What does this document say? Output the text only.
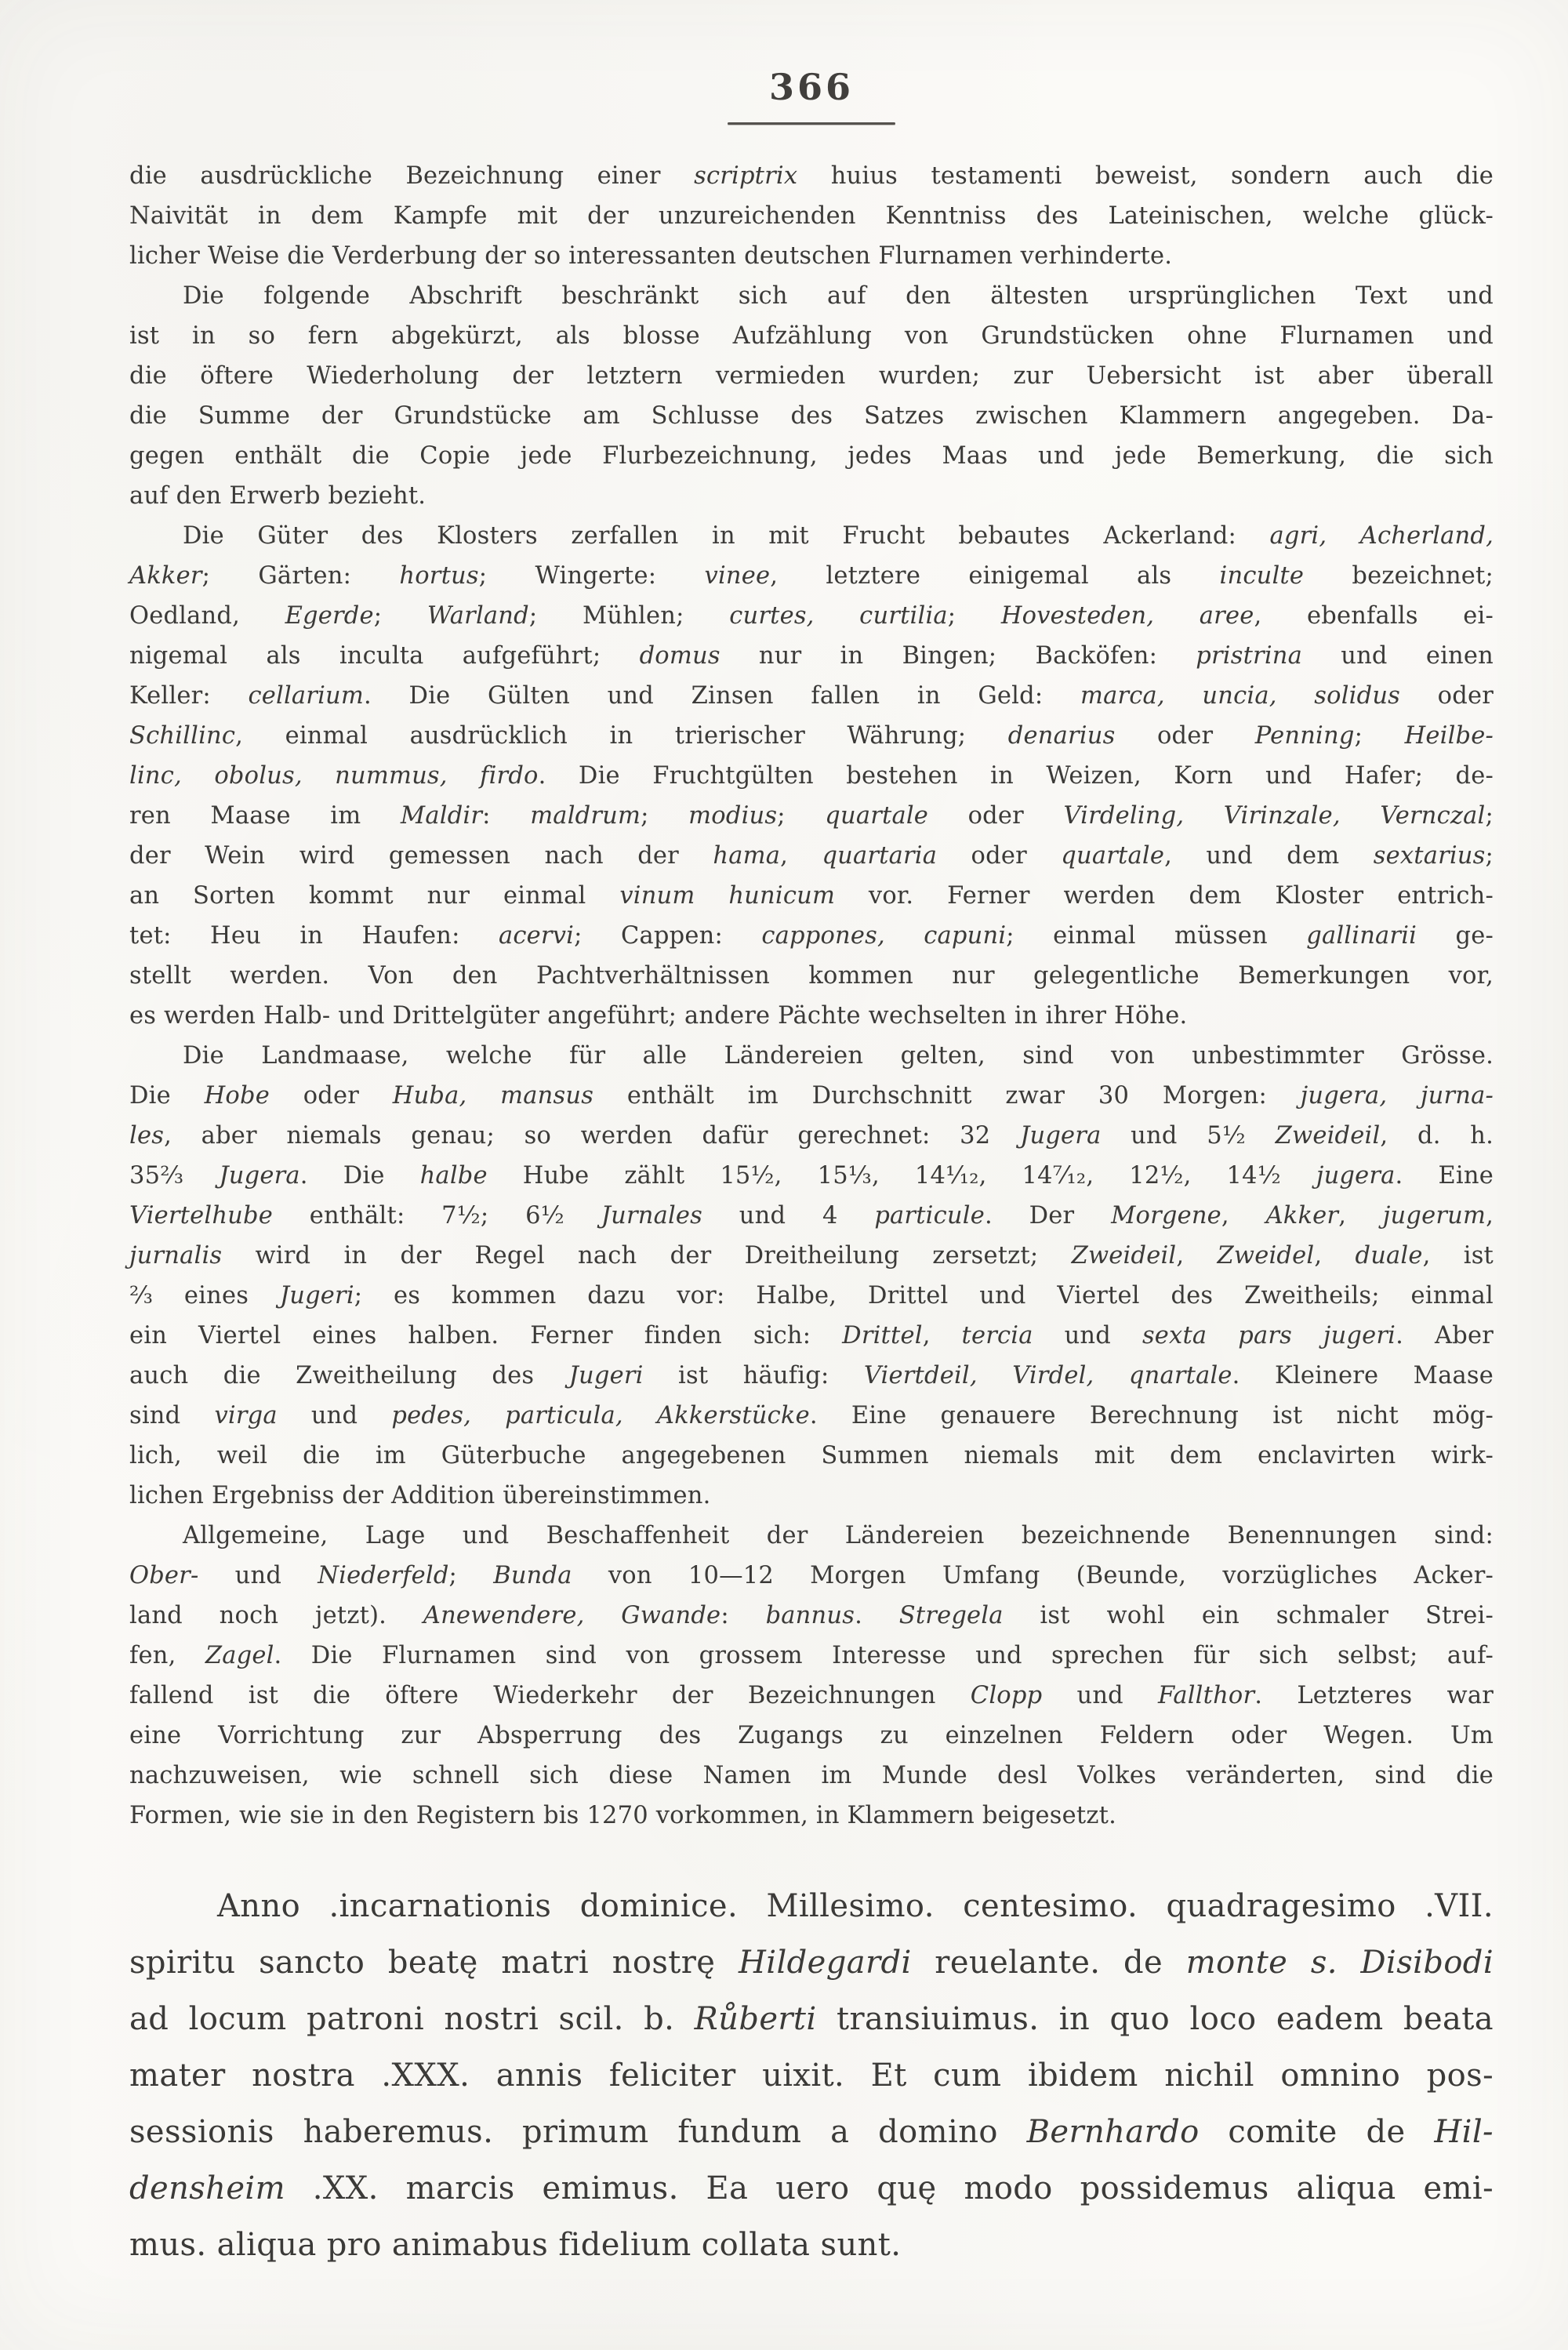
366

die ausdrückliche Bezeichnung einer scriptrix huius testamenti beweist, sondern auch die
Naivität in dem Kampfe mit der unzureichenden Kenntniss des Lateinischen, welche glück-
licher Weise die Verderbung der so interessanten deutschen Flurnamen verhinderte.

Die folgende Abschrift beschränkt sich auf den ältesten ursprünglichen Text und
ist in so fern abgekürzt, als blosse Aufzählung von Grundstücken ohne Flurnamen und
die öftere Wiederholung der letztern vermieden wurden; zur Uebersicht ist aber überall
die Summe der Grundstücke am Schlusse des Satzes zwischen Klammern angegeben. Da-
gegen enthält die Copie jede Flurbezeichnung, jedes Maas und jede Bemerkung, die sich
auf den Erwerb bezieht.

Die Güter des Klosters zerfallen in mit Frucht bebautes Ackerland: agri, Acherland,
Akker; Gärten: hortus; Wingerte: vinee, letztere einigemal als inculte bezeichnet;
Oedland, Egerde; Warland; Mühlen; curtes, curtilia; Hovesteden, aree, ebenfalls ei-
nigemal als inculta aufgeführt; domus nur in Bingen; Backöfen: pristrina und einen
Keller: cellarium. Die Gülten und Zinsen fallen in Geld: marca, uncia, solidus oder
Schillinc, einmal ausdrücklich in trierischer Währung; denarius oder Penning; Heilbe-
linc, obolus, nummus, firdo. Die Fruchtgülten bestehen in Weizen, Korn und Hafer; de-
ren Maase im Maldir: maldrum; modius; quartale oder Virdeling, Virinzale, Vernczal;
der Wein wird gemessen nach der hama, quartaria oder quartale, und dem sextarius;
an Sorten kommt nur einmal vinum hunicum vor. Ferner werden dem Kloster entrich-
tet: Heu in Haufen: acervi; Cappen: cappones, capuni; einmal müssen gallinarii ge-
stellt werden. Von den Pachtverhältnissen kommen nur gelegentliche Bemerkungen vor,
es werden Halb- und Drittelgüter angeführt; andere Pächte wechselten in ihrer Höhe.

Die Landmaase, welche für alle Ländereien gelten, sind von unbestimmter Grösse.
Die Hobe oder Huba, mansus enthält im Durchschnitt zwar 30 Morgen: jugera, jurna-
les, aber niemals genau; so werden dafür gerechnet: 32 Jugera und 5¹⁄₂ Zweideil, d. h.
35²⁄₃ Jugera. Die halbe Hube zählt 15¹⁄₂, 15¹⁄₃, 14¹⁄₁₂, 14⁷⁄₁₂, 12¹⁄₂, 14¹⁄₂ jugera. Eine
Viertelhube enthält: 7¹⁄₂; 6¹⁄₂ Jurnales und 4 particule. Der Morgene, Akker, jugerum,
jurnalis wird in der Regel nach der Dreitheilung zersetzt; Zweideil, Zweidel, duale, ist
²⁄₃ eines Jugeri; es kommen dazu vor: Halbe, Drittel und Viertel des Zweitheils; einmal
ein Viertel eines halben. Ferner finden sich: Drittel, tercia und sexta pars jugeri. Aber
auch die Zweitheilung des Jugeri ist häufig: Viertdeil, Virdel, qnartale. Kleinere Maase
sind virga und pedes, particula, Akkerstücke. Eine genauere Berechnung ist nicht mög-
lich, weil die im Güterbuche angegebenen Summen niemals mit dem enclavirten wirk-
lichen Ergebniss der Addition übereinstimmen.

Allgemeine, Lage und Beschaffenheit der Ländereien bezeichnende Benennungen sind:
Ober- und Niederfeld; Bunda von 10—12 Morgen Umfang (Beunde, vorzügliches Acker-
land noch jetzt). Anewendere, Gwande: bannus. Stregela ist wohl ein schmaler Strei-
fen, Zagel. Die Flurnamen sind von grossem Interesse und sprechen für sich selbst; auf-
fallend ist die öftere Wiederkehr der Bezeichnungen Clopp und Fallthor. Letzteres war
eine Vorrichtung zur Absperrung des Zugangs zu einzelnen Feldern oder Wegen. Um
nachzuweisen, wie schnell sich diese Namen im Munde desl Volkes veränderten, sind die
Formen, wie sie in den Registern bis 1270 vorkommen, in Klammern beigesetzt.

Anno .incarnationis dominice. Millesimo. centesimo. quadragesimo .VII.
spiritu sancto beatę matri nostrę Hildegardi reuelante. de monte s. Disibodi
ad locum patroni nostri scil. b. Růberti transiuimus. in quo loco eadem beata
mater nostra .XXX. annis feliciter uixit. Et cum ibidem nichil omnino pos-
sessionis haberemus. primum fundum a domino Bernhardo comite de Hil-
densheim .XX. marcis emimus. Ea uero quę modo possidemus aliqua emi-
mus. aliqua pro animabus fidelium collata sunt.
